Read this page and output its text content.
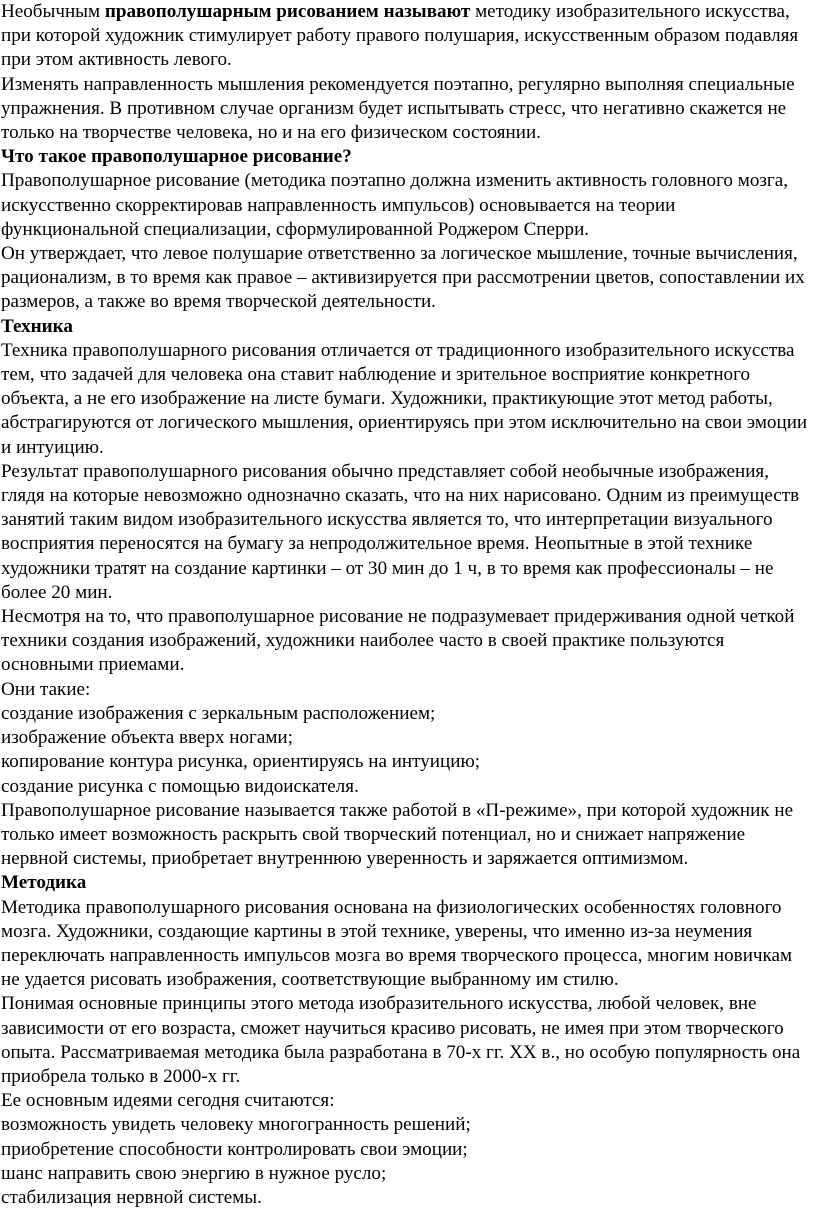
Необычным правополушарным рисованием называют методику изобразительного искусства, при которой художник стимулирует работу правого полушария, искусственным образом подавляя при этом активность левого.

Изменять направленность мышления рекомендуется поэтапно, регулярно выполняя специальные упражнения. В противном случае организм будет испытывать стресс, что негативно скажется не только на творчестве человека, но и на его физическом состоянии.

Что такое правополушарное рисование?

Правополушарное рисование (методика поэтапно должна изменить активность головного мозга, искусственно скорректировав направленность импульсов) основывается на теории функциональной специализации, сформулированной Роджером Сперри.

Он утверждает, что левое полушарие ответственно за логическое мышление, точные вычисления, рационализм, в то время как правое – активизируется при рассмотрении цветов, сопоставлении их размеров, а также во время творческой деятельности.

Техника

Техника правополушарного рисования отличается от традиционного изобразительного искусства тем, что задачей для человека она ставит наблюдение и зрительное восприятие конкретного объекта, а не его изображение на листе бумаги. Художники, практикующие этот метод работы, абстрагируются от логического мышления, ориентируясь при этом исключительно на свои эмоции и интуицию.

Результат правополушарного рисования обычно представляет собой необычные изображения, глядя на которые невозможно однозначно сказать, что на них нарисовано. Одним из преимуществ занятий таким видом изобразительного искусства является то, что интерпретации визуального восприятия переносятся на бумагу за непродолжительное время. Неопытные в этой технике художники тратят на создание картинки – от 30 мин до 1 ч, в то время как профессионалы – не более 20 мин.

Несмотря на то, что правополушарное рисование не подразумевает придерживания одной четкой техники создания изображений, художники наиболее часто в своей практике пользуются основными приемами.

Они такие:

создание изображения с зеркальным расположением;

изображение объекта вверх ногами;

копирование контура рисунка, ориентируясь на интуицию;

создание рисунка с помощью видоискателя.

Правополушарное рисование называется также работой в «П-режиме», при которой художник не только имеет возможность раскрыть свой творческий потенциал, но и снижает напряжение нервной системы, приобретает внутреннюю уверенность и заряжается оптимизмом.

Методика

Методика правополушарного рисования основана на физиологических особенностях головного мозга. Художники, создающие картины в этой технике, уверены, что именно из-за неумения переключать направленность импульсов мозга во время творческого процесса, многим новичкам не удается рисовать изображения, соответствующие выбранному им стилю.

Понимая основные принципы этого метода изобразительного искусства, любой человек, вне зависимости от его возраста, сможет научиться красиво рисовать, не имея при этом творческого опыта. Рассматриваемая методика была разработана в 70-х гг. XX в., но особую популярность она приобрела только в 2000-х гг.

Ее основным идеями сегодня считаются:

возможность увидеть человеку многогранность решений;

приобретение способности контролировать свои эмоции;

шанс направить свою энергию в нужное русло;

стабилизация нервной системы.
